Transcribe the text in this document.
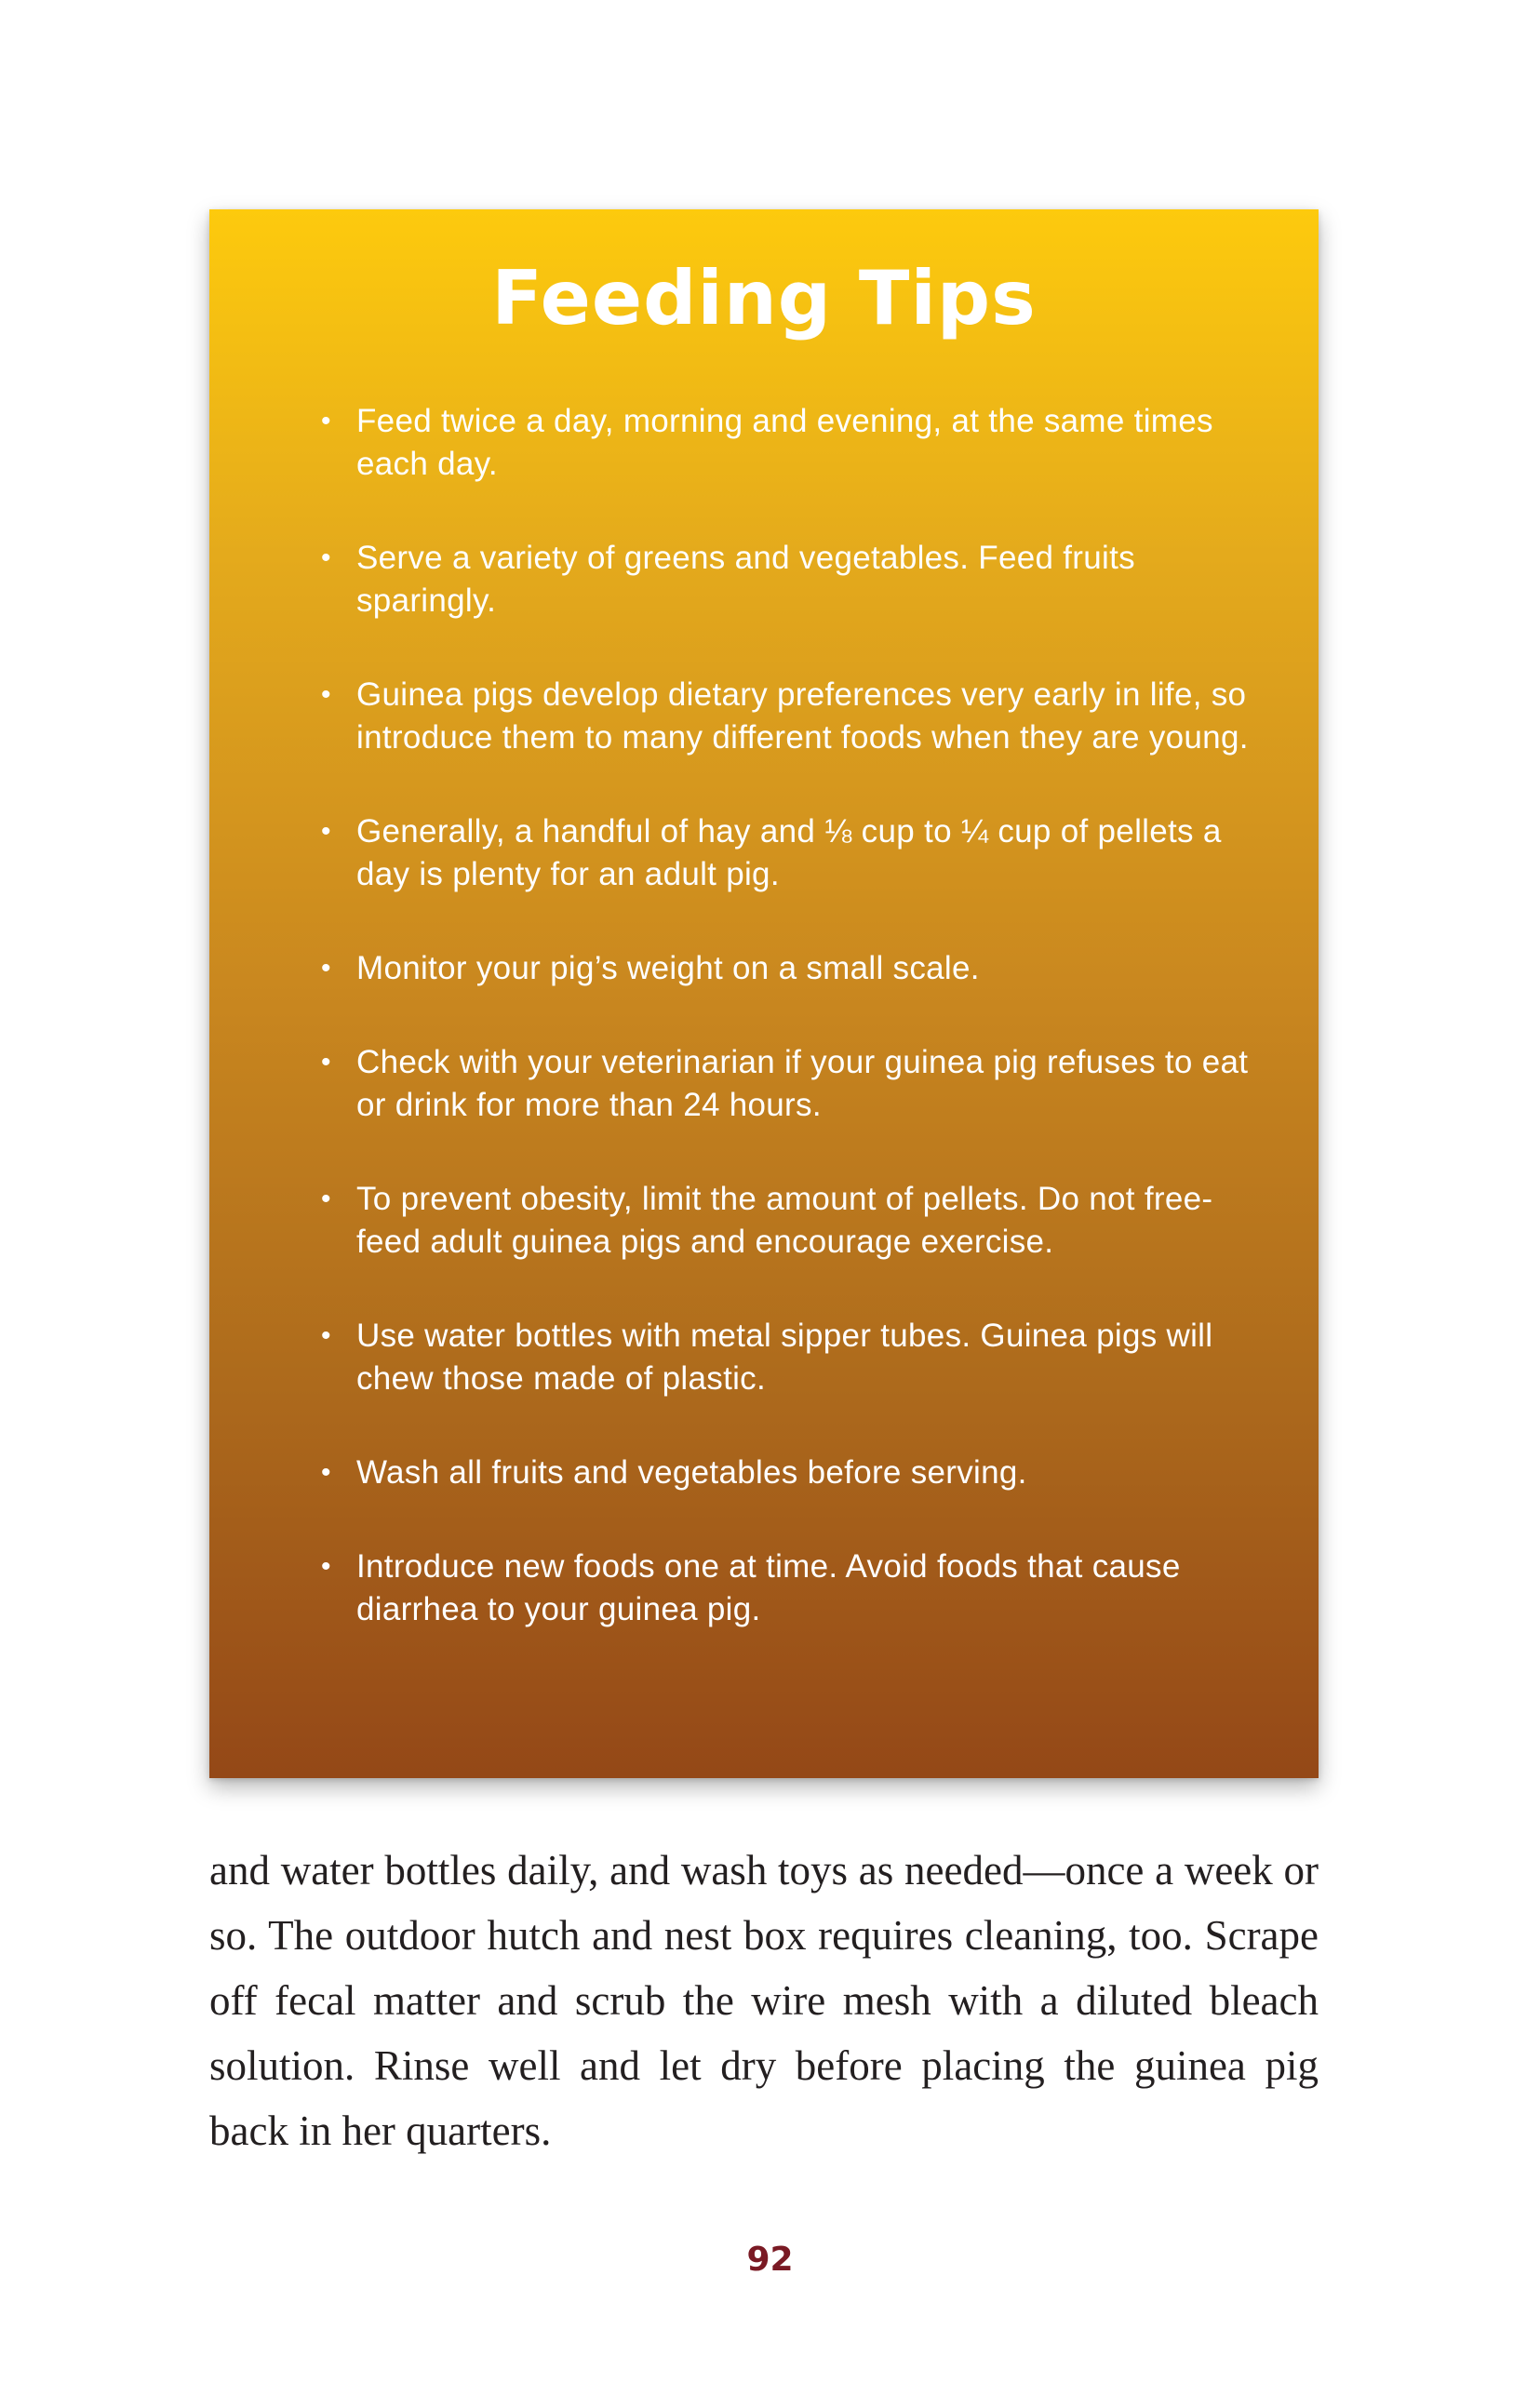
Feeding Tips
• Feed twice a day, morning and evening, at the same times each day.
• Serve a variety of greens and vegetables. Feed fruits sparingly.
• Guinea pigs develop dietary preferences very early in life, so introduce them to many different foods when they are young.
• Generally, a handful of hay and ⅛ cup to ¼ cup of pellets a day is plenty for an adult pig.
• Monitor your pig’s weight on a small scale.
• Check with your veterinarian if your guinea pig refuses to eat or drink for more than 24 hours.
• To prevent obesity, limit the amount of pellets. Do not free-feed adult guinea pigs and encourage exercise.
• Use water bottles with metal sipper tubes. Guinea pigs will chew those made of plastic.
• Wash all fruits and vegetables before serving.
• Introduce new foods one at time. Avoid foods that cause diarrhea to your guinea pig.

and water bottles daily, and wash toys as needed—once a week or so. The outdoor hutch and nest box requires cleaning, too. Scrape off fecal matter and scrub the wire mesh with a diluted bleach solution. Rinse well and let dry before placing the guinea pig back in her quarters.

92
